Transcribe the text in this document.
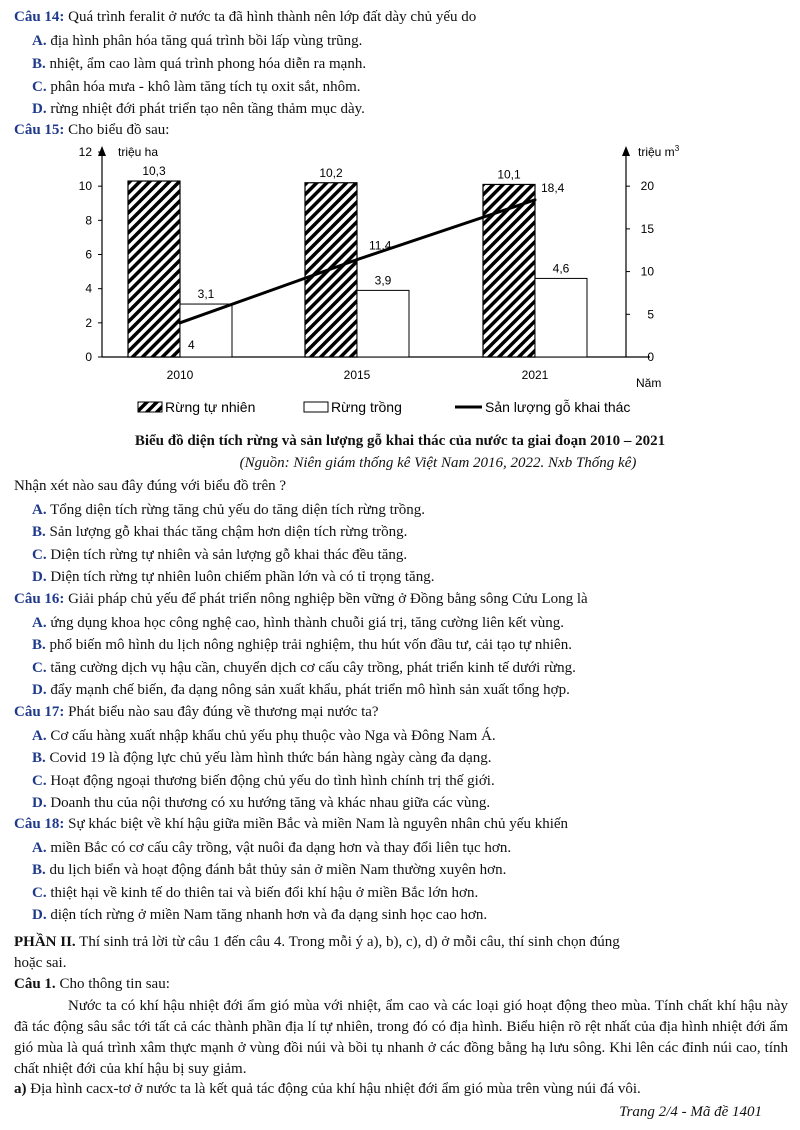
Câu 14: Quá trình feralit ở nước ta đã hình thành nên lớp đất dày chủ yếu do
A. địa hình phân hóa tăng quá trình bồi lấp vùng trũng.
B. nhiệt, ẩm cao làm quá trình phong hóa diễn ra mạnh.
C. phân hóa mưa - khô làm tăng tích tụ oxit sắt, nhôm.
D. rừng nhiệt đới phát triển tạo nên tầng thảm mục dày.
Câu 15: Cho biểu đồ sau:
0
2
4
6
8
10
12
0
5
10
15
20
triệu ha	triệu $m^3$
Năm
10,3
3,1
2010
10,2
3,9
2015
10,1
4,6
2021
4
11,4
18,4
Rừng tự nhiên	Rừng trồng	Sản lượng gỗ khai thác
Biểu đồ diện tích rừng và sản lượng gỗ khai thác của nước ta giai đoạn 2010 – 2021
(Nguồn: Niên giám thống kê Việt Nam 2016, 2022. Nxb Thống kê)
Nhận xét nào sau đây đúng với biểu đồ trên ?
A. Tổng diện tích rừng tăng chủ yếu do tăng diện tích rừng trồng.
B. Sản lượng gỗ khai thác tăng chậm hơn diện tích rừng trồng.
C. Diện tích rừng tự nhiên và sản lượng gỗ khai thác đều tăng.
D. Diện tích rừng tự nhiên luôn chiếm phần lớn và có tỉ trọng tăng.
Câu 16: Giải pháp chủ yếu để phát triển nông nghiệp bền vững ở Đồng bằng sông Cửu Long là
A. ứng dụng khoa học công nghệ cao, hình thành chuỗi giá trị, tăng cường liên kết vùng.
B. phổ biến mô hình du lịch nông nghiệp trải nghiệm, thu hút vốn đầu tư, cải tạo tự nhiên.
C. tăng cường dịch vụ hậu cần, chuyển dịch cơ cấu cây trồng, phát triển kinh tế dưới rừng.
D. đẩy mạnh chế biến, đa dạng nông sản xuất khẩu, phát triển mô hình sản xuất tổng hợp.
Câu 17: Phát biểu nào sau đây đúng về thương mại nước ta?
A. Cơ cấu hàng xuất nhập khẩu chủ yếu phụ thuộc vào Nga và Đông Nam Á.
B. Covid 19 là động lực chủ yếu làm hình thức bán hàng ngày càng đa dạng.
C. Hoạt động ngoại thương biến động chủ yếu do tình hình chính trị thế giới.
D. Doanh thu của nội thương có xu hướng tăng và khác nhau giữa các vùng.
Câu 18: Sự khác biệt về khí hậu giữa miền Bắc và miền Nam là nguyên nhân chủ yếu khiến
A. miền Bắc có cơ cấu cây trồng, vật nuôi đa dạng hơn và thay đổi liên tục hơn.
B. du lịch biển và hoạt động đánh bắt thủy sản ở miền Nam thường xuyên hơn.
C. thiệt hại về kinh tế do thiên tai và biến đổi khí hậu ở miền Bắc lớn hơn.
D. diện tích rừng ở miền Nam tăng nhanh hơn và đa dạng sinh học cao hơn.
PHẦN II. Thí sinh trả lời từ câu 1 đến câu 4. Trong mỗi ý a), b), c), d) ở mỗi câu, thí sinh chọn đúng
hoặc sai.
Câu 1. Cho thông tin sau:
Nước ta có khí hậu nhiệt đới ẩm gió mùa với nhiệt, ẩm cao và các loại gió hoạt động theo mùa. Tính chất khí hậu này đã tác động sâu sắc tới tất cả các thành phần địa lí tự nhiên, trong đó có địa hình. Biểu hiện rõ rệt nhất của địa hình nhiệt đới ẩm gió mùa là quá trình xâm thực mạnh ở vùng đồi núi và bồi tụ nhanh ở các đồng bằng hạ lưu sông. Khi lên các đỉnh núi cao, tính chất nhiệt đới của khí hậu bị suy giảm.
a) Địa hình cacx-tơ ở nước ta là kết quả tác động của khí hậu nhiệt đới ẩm gió mùa trên vùng núi đá vôi.
Trang 2/4 - Mã đề 1401
